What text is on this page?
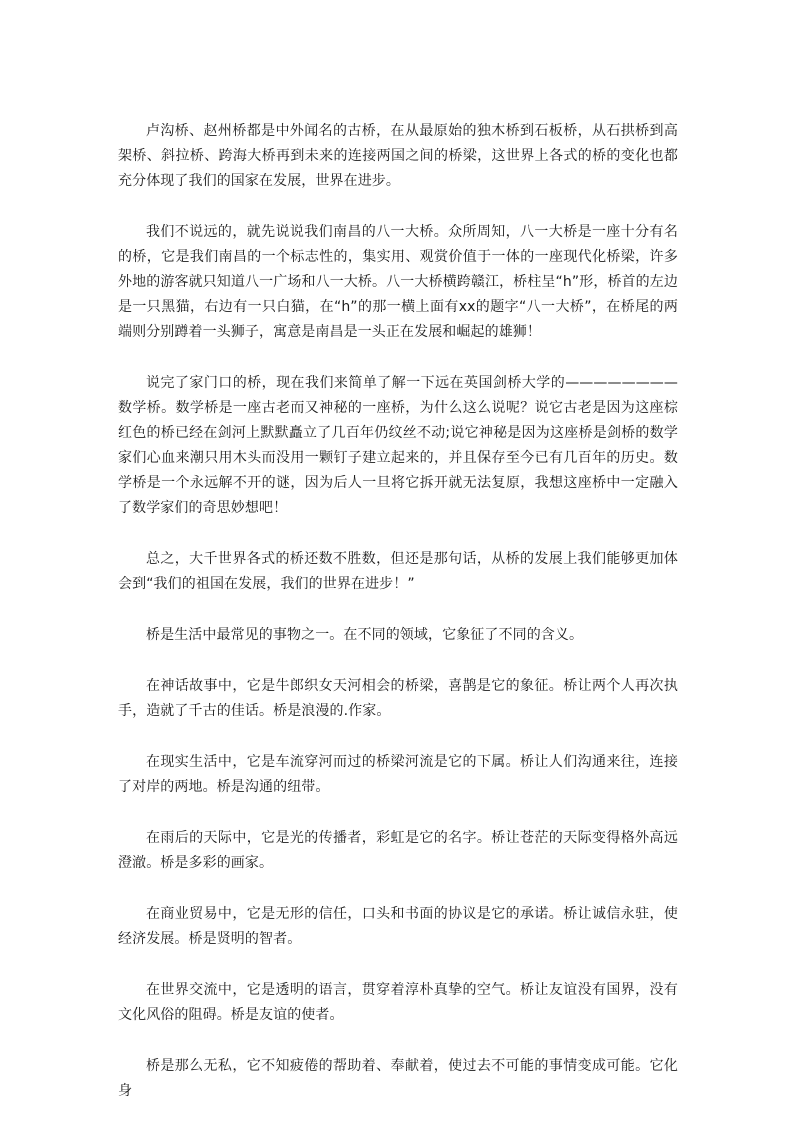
卢沟桥、赵州桥都是中外闻名的古桥，在从最原始的独木桥到石板桥，从石拱桥到高架桥、斜拉桥、跨海大桥再到未来的连接两国之间的桥梁，这世界上各式的桥的变化也都充分体现了我们的国家在发展，世界在进步。

我们不说远的，就先说说我们南昌的八一大桥。众所周知，八一大桥是一座十分有名的桥，它是我们南昌的一个标志性的，集实用、观赏价值于一体的一座现代化桥梁，许多外地的游客就只知道八一广场和八一大桥。八一大桥横跨赣江，桥柱呈“h”形，桥首的左边是一只黑猫，右边有一只白猫，在“h”的那一横上面有xx的题字“八一大桥”，在桥尾的两端则分别蹲着一头狮子，寓意是南昌是一头正在发展和崛起的雄狮！

说完了家门口的桥，现在我们来简单了解一下远在英国剑桥大学的————————数学桥。数学桥是一座古老而又神秘的一座桥，为什么这么说呢？说它古老是因为这座棕红色的桥已经在剑河上默默矗立了几百年仍纹丝不动;说它神秘是因为这座桥是剑桥的数学家们心血来潮只用木头而没用一颗钉子建立起来的，并且保存至今已有几百年的历史。数学桥是一个永远解不开的谜，因为后人一旦将它拆开就无法复原，我想这座桥中一定融入了数学家们的奇思妙想吧！

总之，大千世界各式的桥还数不胜数，但还是那句话，从桥的发展上我们能够更加体会到“我们的祖国在发展，我们的世界在进步！”

桥是生活中最常见的事物之一。在不同的领域，它象征了不同的含义。

在神话故事中，它是牛郎织女天河相会的桥梁，喜鹊是它的象征。桥让两个人再次执手，造就了千古的佳话。桥是浪漫的.作家。

在现实生活中，它是车流穿河而过的桥梁河流是它的下属。桥让人们沟通来往，连接了对岸的两地。桥是沟通的纽带。

在雨后的天际中，它是光的传播者，彩虹是它的名字。桥让苍茫的天际变得格外高远澄澈。桥是多彩的画家。

在商业贸易中，它是无形的信任，口头和书面的协议是它的承诺。桥让诚信永驻，使经济发展。桥是贤明的智者。

在世界交流中，它是透明的语言，贯穿着淳朴真挚的空气。桥让友谊没有国界，没有文化风俗的阻碍。桥是友谊的使者。

桥是那么无私，它不知疲倦的帮助着、奉献着，使过去不可能的事情变成可能。它化身
